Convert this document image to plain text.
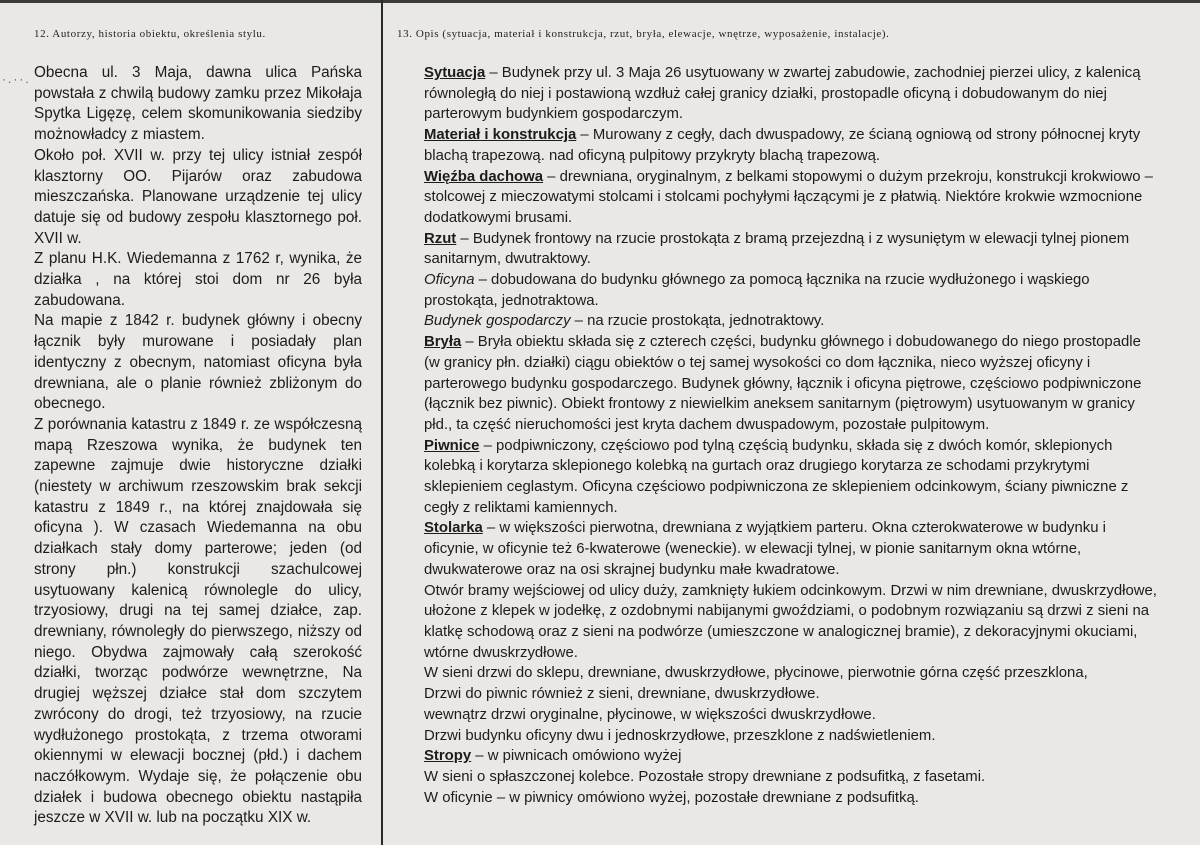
·.··.
12. Autorzy, historia obiektu, określenia stylu.	13. Opis (sytuacja, materiał i konstrukcja, rzut, bryła, elewacje, wnętrze, wyposażenie, instalacje).

Obecna ul. 3 Maja, dawna ulica Pańska powstała z chwilą budowy zamku przez Mikołaja Spytka Ligęzę, celem skomunikowania siedziby możnowładcy z miastem.

Około poł. XVII w. przy tej ulicy istniał zespół klasztorny OO. Pijarów oraz zabudowa mieszczańska. Planowane urządzenie tej ulicy datuje się od budowy zespołu klasztornego poł. XVII w.

Z planu H.K. Wiedemanna z 1762 r, wynika, że działka , na której stoi dom nr 26 była zabudowana.

Na mapie z 1842 r. budynek główny i obecny łącznik były murowane i posiadały plan identyczny z obecnym, natomiast oficyna była drewniana, ale o planie również zbliżonym do obecnego.

Z porównania katastru z 1849 r. ze współczesną mapą Rzeszowa wynika, że budynek ten zapewne zajmuje dwie historyczne działki (niestety w archiwum rzeszowskim brak sekcji katastru z 1849 r., na której znajdowała się oficyna ). W czasach Wiedemanna na obu działkach stały domy parterowe; jeden (od strony płn.) konstrukcji szachulcowej usytuowany kalenicą równolegle do ulicy, trzyosiowy, drugi na tej samej działce, zap. drewniany, równoległy do pierwszego, niższy od niego. Obydwa zajmowały całą szerokość działki, tworząc podwórze wewnętrzne, Na drugiej węższej działce stał dom szczytem zwrócony do drogi, też trzyosiowy, na rzucie wydłużonego prostokąta, z trzema otworami okiennymi w elewacji bocznej (płd.) i dachem naczółkowym. Wydaje się, że połączenie obu działek i budowa obecnego obiektu nastąpiła jeszcze w XVII w. lub na początku XIX w.

Sytuacja – Budynek przy ul. 3 Maja 26 usytuowany w zwartej zabudowie, zachodniej pierzei ulicy, z kalenicą równoległą do niej i postawioną wzdłuż całej granicy działki, prostopadle oficyną i dobudowanym do niej parterowym budynkiem gospodarczym.

Materiał i konstrukcja – Murowany z cegły, dach dwuspadowy, ze ścianą ogniową od strony północnej kryty blachą trapezową. nad oficyną pulpitowy przykryty blachą trapezową.

Więźba dachowa – drewniana, oryginalnym, z belkami stopowymi o dużym przekroju, konstrukcji krokwiowo – stolcowej z mieczowatymi stolcami i stolcami pochyłymi łączącymi je z płatwią. Niektóre krokwie wzmocnione dodatkowymi brusami.

Rzut – Budynek frontowy na rzucie prostokąta z bramą przejezdną i z wysuniętym w elewacji tylnej pionem sanitarnym, dwutraktowy.

Oficyna – dobudowana do budynku głównego za pomocą łącznika na rzucie wydłużonego i wąskiego prostokąta, jednotraktowa.

Budynek gospodarczy – na rzucie prostokąta, jednotraktowy.

Bryła – Bryła obiektu składa się z czterech części, budynku głównego i dobudowanego do niego prostopadle (w granicy płn. działki) ciągu obiektów o tej samej wysokości co dom łącznika, nieco wyższej oficyny i parterowego budynku gospodarczego. Budynek główny, łącznik i oficyna piętrowe, częściowo podpiwniczone (łącznik bez piwnic). Obiekt frontowy z niewielkim aneksem sanitarnym (piętrowym) usytuowanym w granicy płd., ta część nieruchomości jest kryta dachem dwuspadowym, pozostałe pulpitowym.

Piwnice – podpiwniczony, częściowo pod tylną częścią budynku, składa się z dwóch komór, sklepionych kolebką i korytarza sklepionego kolebką na gurtach oraz drugiego korytarza ze schodami przykrytymi sklepieniem ceglastym. Oficyna częściowo podpiwniczona ze sklepieniem odcinkowym, ściany piwniczne z cegły z reliktami kamiennych.

Stolarka – w większości pierwotna, drewniana z wyjątkiem parteru. Okna czterokwaterowe w budynku i oficynie, w oficynie też 6-kwaterowe (weneckie). w elewacji tylnej, w pionie sanitarnym okna wtórne, dwukwaterowe oraz na osi skrajnej budynku małe kwadratowe.

Otwór bramy wejściowej od ulicy duży, zamknięty łukiem odcinkowym. Drzwi w nim drewniane, dwuskrzydłowe, ułożone z klepek w jodełkę, z ozdobnymi nabijanymi gwoździami, o podobnym rozwiązaniu są drzwi z sieni na klatkę schodową oraz z sieni na podwórze (umieszczone w analogicznej bramie), z dekoracyjnymi okuciami, wtórne dwuskrzydłowe.

W sieni drzwi do sklepu, drewniane, dwuskrzydłowe, płycinowe, pierwotnie górna część przeszklona,

Drzwi do piwnic również z sieni, drewniane, dwuskrzydłowe.

wewnątrz drzwi oryginalne, płycinowe, w większości dwuskrzydłowe.

Drzwi budynku oficyny dwu i jednoskrzydłowe, przeszklone z nadświetleniem.

Stropy – w piwnicach omówiono wyżej

W sieni o spłaszczonej kolebce. Pozostałe stropy drewniane z podsufitką, z fasetami.

W oficynie – w piwnicy omówiono wyżej, pozostałe drewniane z podsufitką.
